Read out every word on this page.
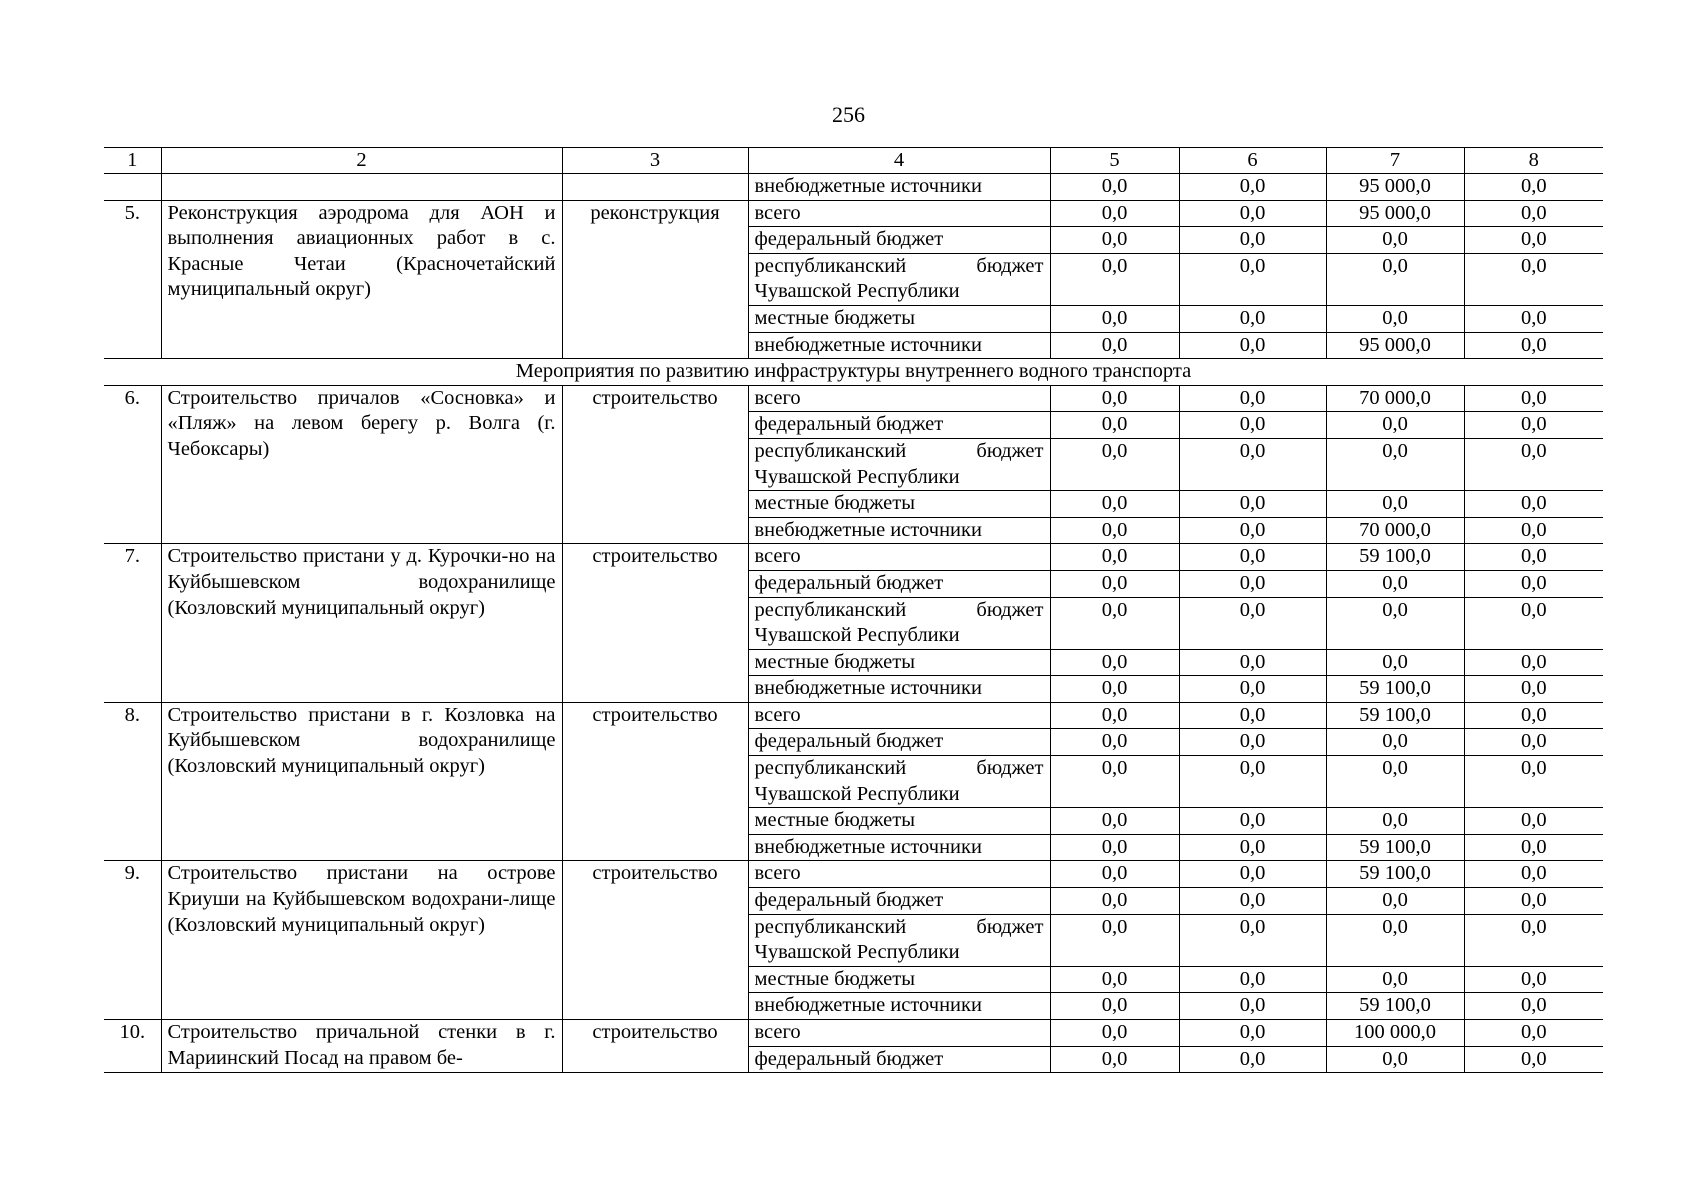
256
1	2	3	4	5	6	7	8
			внебюджетные источники	0,0	0,0	95 000,0	0,0
5.	Реконструкция аэродрома для АОН и выполнения авиационных работ в с. Красные Четаи (Красночетайский муниципальный округ)	реконструкция	всего	0,0	0,0	95 000,0	0,0
			федеральный бюджет	0,0	0,0	0,0	0,0

			республиканский бюджет
Чувашской Республики	0,0	0,0	0,0	0,0
			местные бюджеты	0,0	0,0	0,0	0,0
			внебюджетные источники	0,0	0,0	95 000,0	0,0
Мероприятия по развитию инфраструктуры внутреннего водного транспорта							
6.	Строительство причалов «Сосновка» и «Пляж» на левом берегу р. Волга (г. Чебоксары)	строительство	всего	0,0	0,0	70 000,0	0,0
			федеральный бюджет	0,0	0,0	0,0	0,0

			республиканский бюджет
Чувашской Республики	0,0	0,0	0,0	0,0
			местные бюджеты	0,0	0,0	0,0	0,0
			внебюджетные источники	0,0	0,0	70 000,0	0,0
7.	Строительство пристани у д. Курочки-но на Куйбышевском водохранилище (Козловский муниципальный округ)	строительство	всего	0,0	0,0	59 100,0	0,0
			федеральный бюджет	0,0	0,0	0,0	0,0

			республиканский бюджет
Чувашской Республики	0,0	0,0	0,0	0,0
			местные бюджеты	0,0	0,0	0,0	0,0
			внебюджетные источники	0,0	0,0	59 100,0	0,0
8.	Строительство пристани в г. Козловка на Куйбышевском водохранилище (Козловский муниципальный округ)	строительство	всего	0,0	0,0	59 100,0	0,0
			федеральный бюджет	0,0	0,0	0,0	0,0

			республиканский бюджет
Чувашской Республики	0,0	0,0	0,0	0,0
			местные бюджеты	0,0	0,0	0,0	0,0
			внебюджетные источники	0,0	0,0	59 100,0	0,0
9.	Строительство пристани на острове Криуши на Куйбышевском водохрани-лище (Козловский муниципальный округ)	строительство	всего	0,0	0,0	59 100,0	0,0
			федеральный бюджет	0,0	0,0	0,0	0,0

			республиканский бюджет
Чувашской Республики	0,0	0,0	0,0	0,0
			местные бюджеты	0,0	0,0	0,0	0,0
			внебюджетные источники	0,0	0,0	59 100,0	0,0
10.	Строительство причальной стенки в г. Мариинский Посад на правом бе-	строительство	всего	0,0	0,0	100 000,0	0,0
			федеральный бюджет	0,0	0,0	0,0	0,0
